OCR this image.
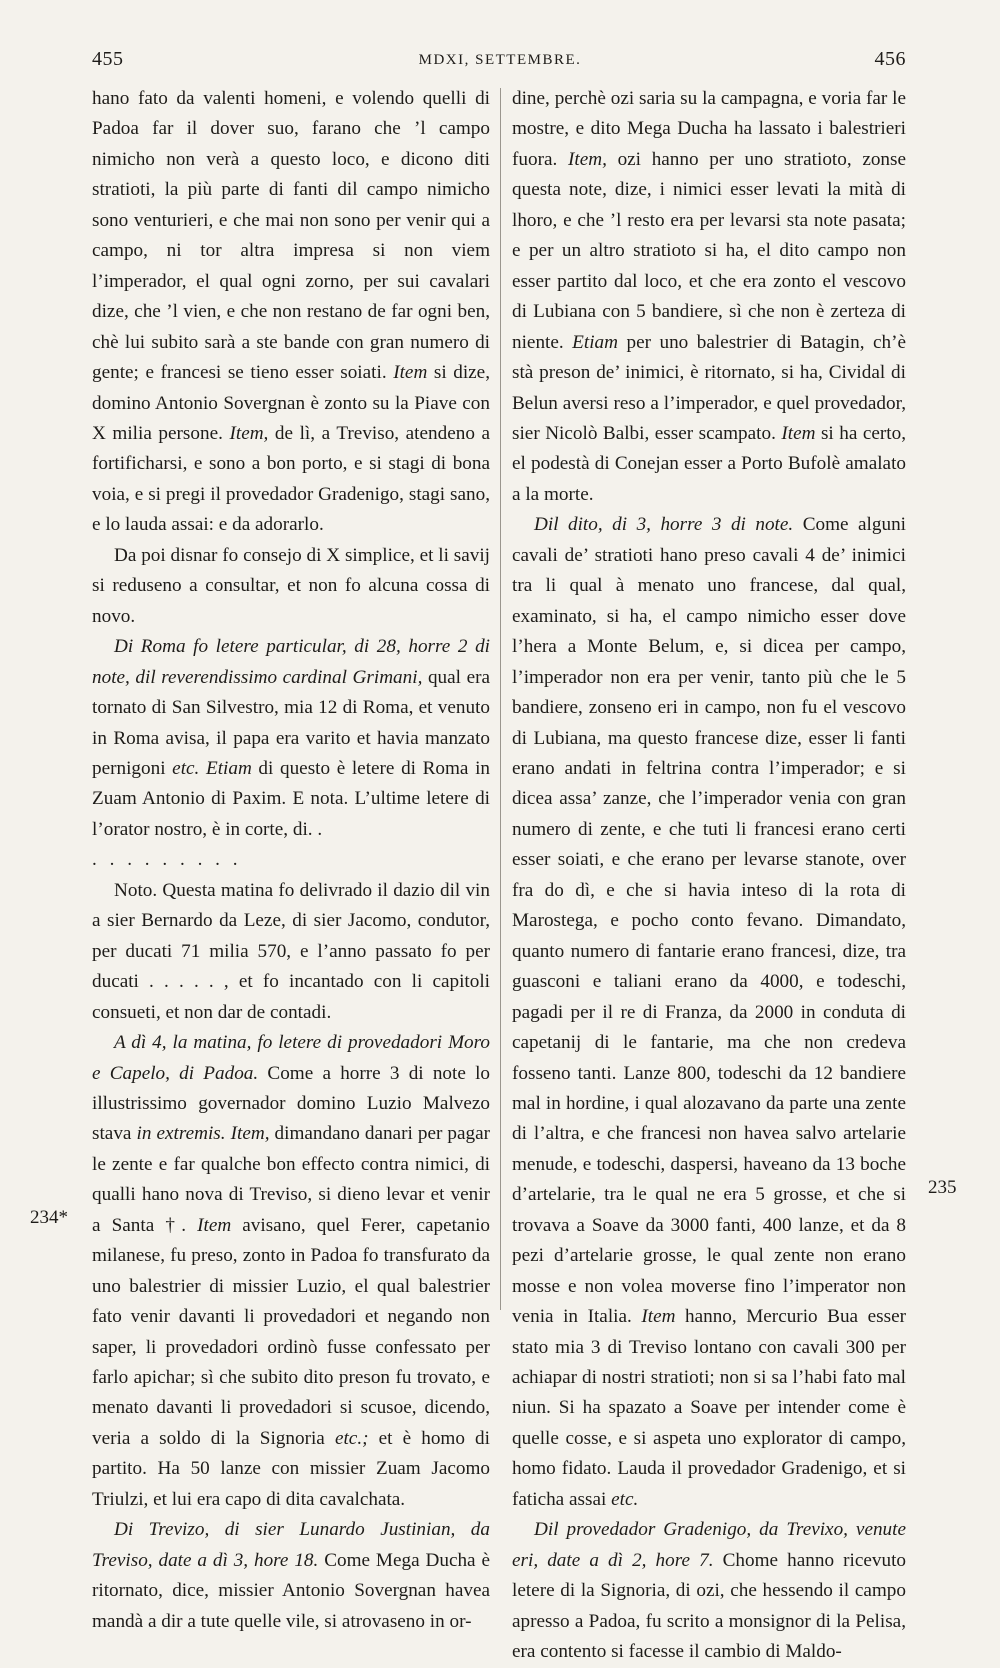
455	MDXI, SETTEMBRE.	456
234*
235

hano fato da valenti homeni, e volendo quelli di Padoa far il dover suo, farano che ’l campo nimicho non verà a questo loco, e dicono diti stratioti, la più parte di fanti dil campo nimicho sono venturieri, e che mai non sono per venir qui a campo, ni tor altra impresa si non viem l’imperador, el qual ogni zorno, per sui cavalari dize, che ’l vien, e che non restano de far ogni ben, chè lui subito sarà a ste bande con gran numero di gente; e francesi se tieno esser soiati. Item si dize, domino Antonio Sovergnan è zonto su la Piave con X milia persone. Item, de lì, a Treviso, atendeno a fortificharsi, e sono a bon porto, e si stagi di bona voia, e si pregi il provedador Gradenigo, stagi sano, e lo lauda assai: e da adorarlo.

Da poi disnar fo consejo di X simplice, et li savij si reduseno a consultar, et non fo alcuna cossa di novo.

Di Roma fo letere particular, di 28, horre 2 di note, dil reverendissimo cardinal Grimani, qual era tornato di San Silvestro, mia 12 di Roma, et venuto in Roma avisa, il papa era varito et havia manzato pernigoni etc. Etiam di questo è letere di Roma in Zuam Antonio di Paxim. E nota. L’ultime letere di l’orator nostro, è in corte, di. .

. . . . . . . . .

Noto. Questa matina fo delivrado il dazio dil vin a sier Bernardo da Leze, di sier Jacomo, condutor, per ducati 71 milia 570, e l’anno passato fo per ducati . . . . . , et fo incantado con li capitoli consueti, et non dar de contadi.

A dì 4, la matina, fo letere di provedadori Moro e Capelo, di Padoa. Come a horre 3 di note lo illustrissimo governador domino Luzio Malvezo stava in extremis. Item, dimandano danari per pagar le zente e far qualche bon effecto contra nimici, di qualli hano nova di Treviso, si dieno levar et venir a Santa †. Item avisano, quel Ferer, capetanio milanese, fu preso, zonto in Padoa fo transfurato da uno balestrier di missier Luzio, el qual balestrier fato venir davanti li provedadori et negando non saper, li provedadori ordinò fusse confessato per farlo apichar; sì che subito dito preson fu trovato, e menato davanti li provedadori si scusoe, dicendo, veria a soldo di la Signoria etc.; et è homo di partito. Ha 50 lanze con missier Zuam Jacomo Triulzi, et lui era capo di dita cavalchata.

Di Trevizo, di sier Lunardo Justinian, da Treviso, date a dì 3, hore 18. Come Mega Ducha è ritornato, dice, missier Antonio Sovergnan havea mandà a dir a tute quelle vile, si atrovaseno in or-

dine, perchè ozi saria su la campagna, e voria far le mostre, e dito Mega Ducha ha lassato i balestrieri fuora. Item, ozi hanno per uno stratioto, zonse questa note, dize, i nimici esser levati la mità di lhoro, e che ’l resto era per levarsi sta note pasata; e per un altro stratioto si ha, el dito campo non esser partito dal loco, et che era zonto el vescovo di Lubiana con 5 bandiere, sì che non è zerteza di niente. Etiam per uno balestrier di Batagin, ch’è stà preson de’ inimici, è ritornato, si ha, Cividal di Belun aversi reso a l’imperador, e quel provedador, sier Nicolò Balbi, esser scampato. Item si ha certo, el podestà di Conejan esser a Porto Bufolè amalato a la morte.

Dil dito, di 3, horre 3 di note. Come alguni cavali de’ stratioti hano preso cavali 4 de’ inimici tra li qual à menato uno francese, dal qual, examinato, si ha, el campo nimicho esser dove l’hera a Monte Belum, e, si dicea per campo, l’imperador non era per venir, tanto più che le 5 bandiere, zonseno eri in campo, non fu el vescovo di Lubiana, ma questo francese dize, esser li fanti erano andati in feltrina contra l’imperador; e si dicea assa’ zanze, che l’imperador venia con gran numero di zente, e che tuti li francesi erano certi esser soiati, e che erano per levarse stanote, over fra do dì, e che si havia inteso di la rota di Marostega, e pocho conto fevano. Dimandato, quanto numero di fantarie erano francesi, dize, tra guasconi e taliani erano da 4000, e todeschi, pagadi per il re di Franza, da 2000 in conduta di capetanij di le fantarie, ma che non credeva fosseno tanti. Lanze 800, todeschi da 12 bandiere mal in hordine, i qual alozavano da parte una zente di l’altra, e che francesi non havea salvo artelarie menude, e todeschi, daspersi, haveano da 13 boche d’artelarie, tra le qual ne era 5 grosse, et che si trovava a Soave da 3000 fanti, 400 lanze, et da 8 pezi d’artelarie grosse, le qual zente non erano mosse e non volea moverse fino l’imperator non venia in Italia. Item hanno, Mercurio Bua esser stato mia 3 di Treviso lontano con cavali 300 per achiapar di nostri stratioti; non si sa l’habi fato mal niun. Si ha spazato a Soave per intender come è quelle cosse, e si aspeta uno explorator di campo, homo fidato. Lauda il provedador Gradenigo, et si faticha assai etc.

Dil provedador Gradenigo, da Trevixo, venute eri, date a dì 2, hore 7. Chome hanno ricevuto letere di la Signoria, di ozi, che hessendo il campo apresso a Padoa, fu scrito a monsignor di la Pelisa, era contento si facesse il cambio di Maldo-
